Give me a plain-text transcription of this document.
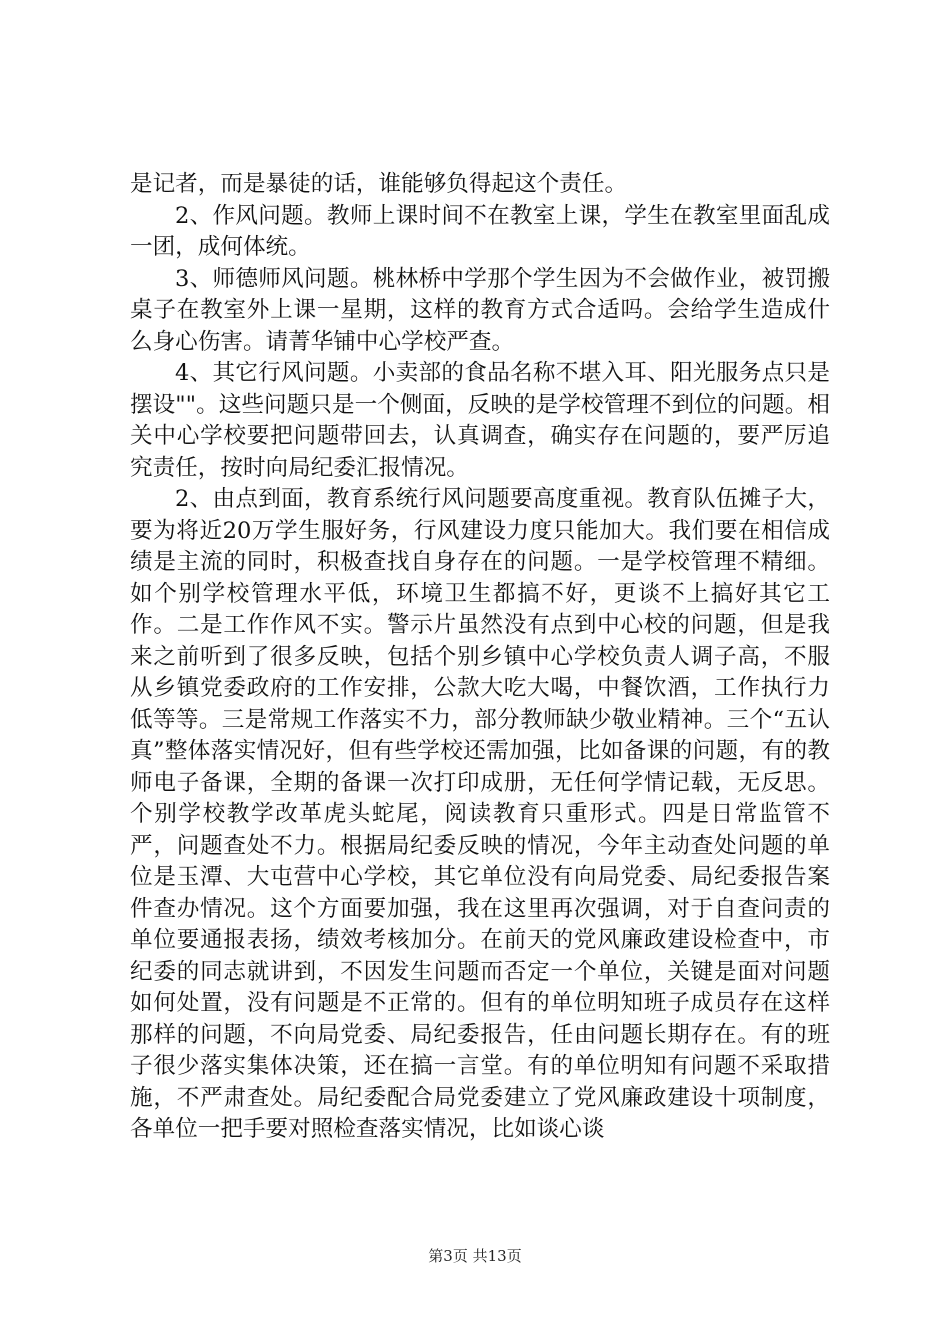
是记者，而是暴徒的话，谁能够负得起这个责任。

2、作风问题。教师上课时间不在教室上课，学生在教室里面乱成一团，成何体统。

3、师德师风问题。桃林桥中学那个学生因为不会做作业，被罚搬桌子在教室外上课一星期，这样的教育方式合适吗。会给学生造成什么身心伤害。请菁华铺中心学校严查。

4、其它行风问题。小卖部的食品名称不堪入耳、阳光服务点只是摆设""。这些问题只是一个侧面，反映的是学校管理不到位的问题。相关中心学校要把问题带回去，认真调查，确实存在问题的，要严厉追究责任，按时向局纪委汇报情况。

2、由点到面，教育系统行风问题要高度重视。教育队伍摊子大，要为将近20万学生服好务，行风建设力度只能加大。我们要在相信成绩是主流的同时，积极查找自身存在的问题。一是学校管理不精细。如个别学校管理水平低，环境卫生都搞不好，更谈不上搞好其它工作。二是工作作风不实。警示片虽然没有点到中心校的问题，但是我来之前听到了很多反映，包括个别乡镇中心学校负责人调子高，不服从乡镇党委政府的工作安排，公款大吃大喝，中餐饮酒，工作执行力低等等。三是常规工作落实不力，部分教师缺少敬业精神。三个“五认真”整体落实情况好，但有些学校还需加强，比如备课的问题，有的教师电子备课，全期的备课一次打印成册，无任何学情记载，无反思。个别学校教学改革虎头蛇尾，阅读教育只重形式。四是日常监管不严，问题查处不力。根据局纪委反映的情况，今年主动查处问题的单位是玉潭、大屯营中心学校，其它单位没有向局党委、局纪委报告案件查办情况。这个方面要加强，我在这里再次强调，对于自查问责的单位要通报表扬，绩效考核加分。在前天的党风廉政建设检查中，市纪委的同志就讲到，不因发生问题而否定一个单位，关键是面对问题如何处置，没有问题是不正常的。但有的单位明知班子成员存在这样那样的问题，不向局党委、局纪委报告，任由问题长期存在。有的班子很少落实集体决策，还在搞一言堂。有的单位明知有问题不采取措施，不严肃查处。局纪委配合局党委建立了党风廉政建设十项制度，各单位一把手要对照检查落实情况，比如谈心谈

第3页 共13页
